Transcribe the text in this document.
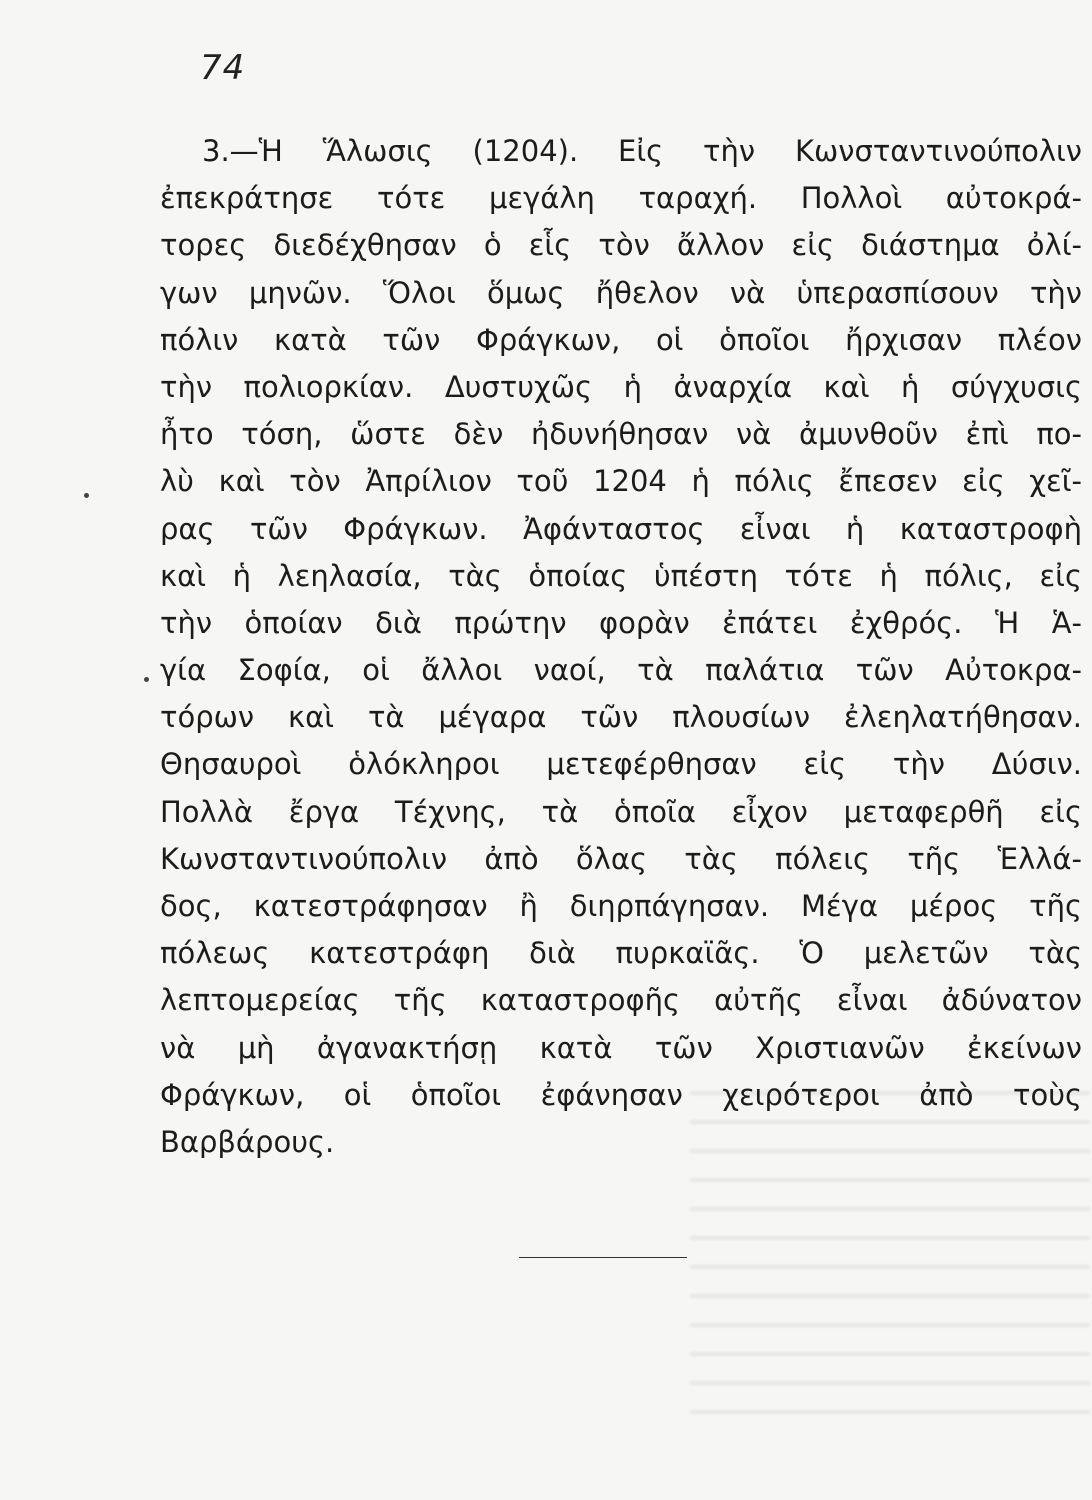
74
3.—Ἡ Ἅλωσις (1204). Εἰς τὴν Κωνσταντινούπολιν
ἐπεκράτησε τότε μεγάλη ταραχή. Πολλοὶ αὐτοκρά-
τορες διεδέχθησαν ὁ εἷς τὸν ἄλλον εἰς διάστημα ὀλί-
γων μηνῶν. Ὅλοι ὅμως ἤθελον νὰ ὑπερασπίσουν τὴν
πόλιν κατὰ τῶν Φράγκων, οἱ ὁποῖοι ἤρχισαν πλέον
τὴν πολιορκίαν. Δυστυχῶς ἡ ἀναρχία καὶ ἡ σύγχυσις
ἦτο τόση, ὥστε δὲν ἠδυνήθησαν νὰ ἀμυνθοῦν ἐπὶ πο-
λὺ καὶ τὸν Ἀπρίλιον τοῦ 1204 ἡ πόλις ἔπεσεν εἰς χεῖ-
ρας τῶν Φράγκων. Ἀφάνταστος εἶναι ἡ καταστροφὴ
καὶ ἡ λεηλασία, τὰς ὁποίας ὑπέστη τότε ἡ πόλις, εἰς
τὴν ὁποίαν διὰ πρώτην φορὰν ἐπάτει ἐχθρός. Ἡ Ἁ-
γία Σοφία, οἱ ἄλλοι ναοί, τὰ παλάτια τῶν Αὐτοκρα-
τόρων καὶ τὰ μέγαρα τῶν πλουσίων ἐλεηλατήθησαν.
Θησαυροὶ ὁλόκληροι μετεφέρθησαν εἰς τὴν Δύσιν.
Πολλὰ ἔργα Τέχνης, τὰ ὁποῖα εἶχον μεταφερθῆ εἰς
Κωνσταντινούπολιν ἀπὸ ὅλας τὰς πόλεις τῆς Ἑλλά-
δος, κατεστράφησαν ἢ διηρπάγησαν. Μέγα μέρος τῆς
πόλεως κατεστράφη διὰ πυρκαϊᾶς. Ὁ μελετῶν τὰς
λεπτομερείας τῆς καταστροφῆς αὐτῆς εἶναι ἀδύνατον
νὰ μὴ ἀγανακτήσῃ κατὰ τῶν Χριστιανῶν ἐκείνων
Φράγκων, οἱ ὁποῖοι ἐφάνησαν χειρότεροι ἀπὸ τοὺς
Βαρβάρους.
